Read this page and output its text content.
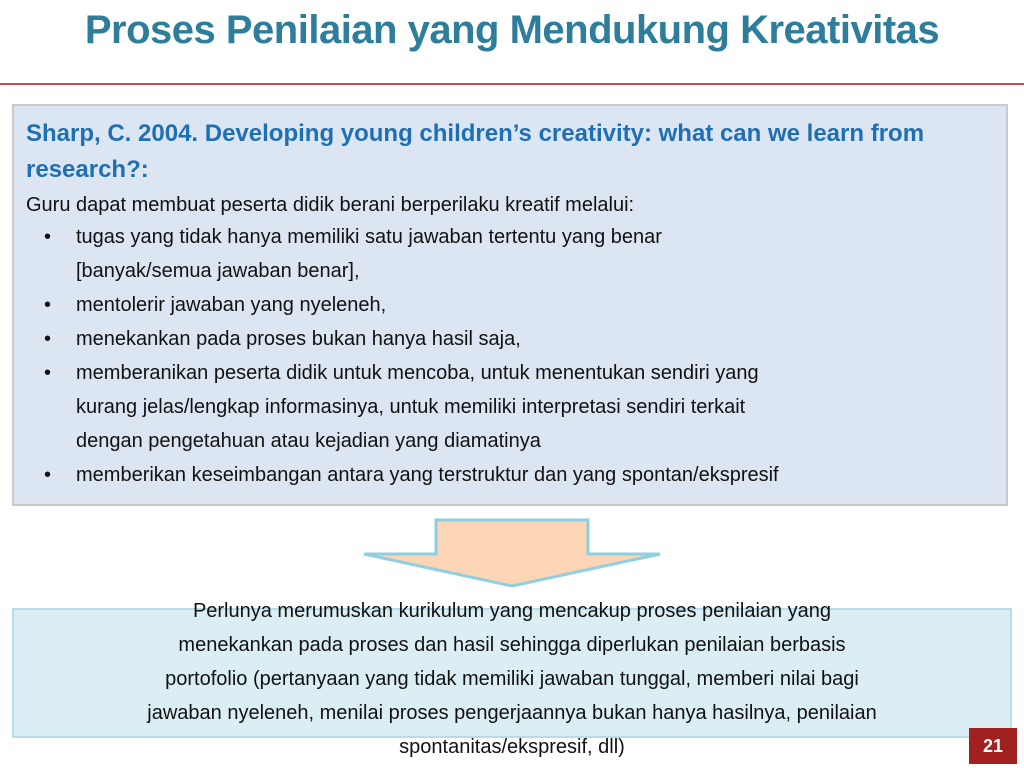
Proses Penilaian yang Mendukung Kreativitas
Sharp, C. 2004. Developing young children’s creativity: what can we learn from research?:
Guru dapat membuat peserta didik berani berperilaku kreatif melalui:
• tugas yang tidak hanya memiliki satu jawaban tertentu yang benar
[banyak/semua jawaban benar],
• mentolerir jawaban yang nyeleneh,
• menekankan pada proses bukan hanya hasil saja,
• memberanikan peserta didik untuk mencoba, untuk menentukan sendiri yang
kurang jelas/lengkap informasinya, untuk memiliki interpretasi sendiri terkait
dengan pengetahuan atau kejadian yang diamatinya
• memberikan keseimbangan antara yang terstruktur dan yang spontan/ekspresif
Perlunya merumuskan kurikulum yang mencakup proses penilaian yang
menekankan pada proses dan hasil sehingga diperlukan penilaian berbasis
portofolio (pertanyaan yang tidak memiliki jawaban tunggal, memberi nilai bagi
jawaban nyeleneh, menilai proses pengerjaannya bukan hanya hasilnya, penilaian
spontanitas/ekspresif, dll)	21
